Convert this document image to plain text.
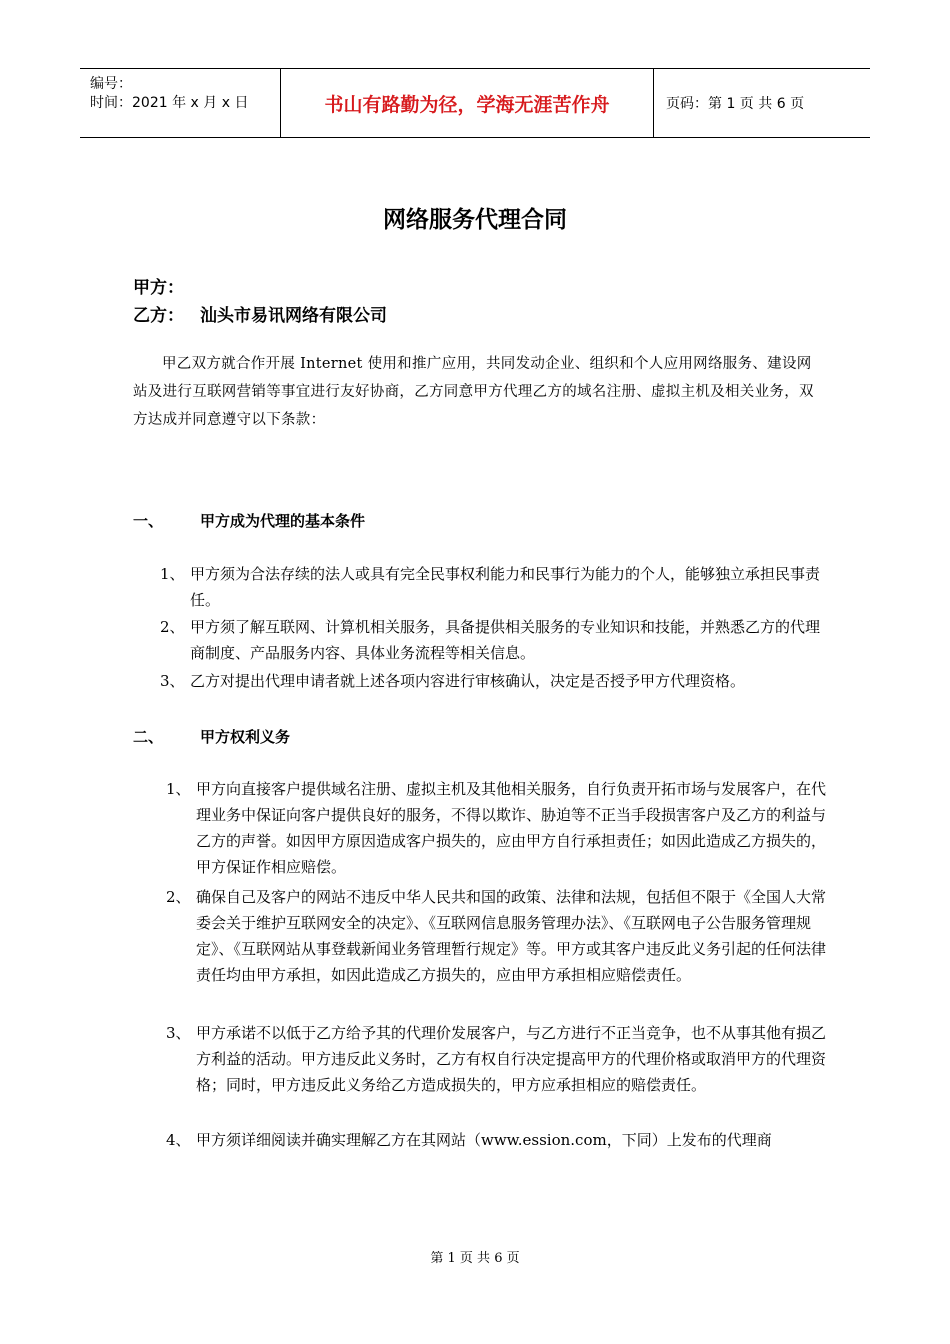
编号：
时间：2021 年 x 月 x 日	书山有路勤为径，学海无涯苦作舟	页码：第 1 页 共 6 页
网络服务代理合同
甲方：
乙方： 汕头市易讯网络有限公司
甲乙双方就合作开展 Internet 使用和推广应用，共同发动企业、组织和个人应用网络服务、建设网站及进行互联网营销等事宜进行友好协商，乙方同意甲方代理乙方的域名注册、虚拟主机及相关业务，双方达成并同意遵守以下条款：
一、 甲方成为代理的基本条件
1、 甲方须为合法存续的法人或具有完全民事权利能力和民事行为能力的个人，能够独立承担民事责任。
2、 甲方须了解互联网、计算机相关服务，具备提供相关服务的专业知识和技能，并熟悉乙方的代理商制度、产品服务内容、具体业务流程等相关信息。
3、 乙方对提出代理申请者就上述各项内容进行审核确认，决定是否授予甲方代理资格。
二、 甲方权利义务
1、 甲方向直接客户提供域名注册、虚拟主机及其他相关服务，自行负责开拓市场与发展客户，在代理业务中保证向客户提供良好的服务，不得以欺诈、胁迫等不正当手段损害客户及乙方的利益与乙方的声誉。如因甲方原因造成客户损失的，应由甲方自行承担责任；如因此造成乙方损失的，甲方保证作相应赔偿。
2、 确保自己及客户的网站不违反中华人民共和国的政策、法律和法规，包括但不限于《全国人大常委会关于维护互联网安全的决定》、《互联网信息服务管理办法》、《互联网电子公告服务管理规定》、《互联网站从事登载新闻业务管理暂行规定》等。甲方或其客户违反此义务引起的任何法律责任均由甲方承担，如因此造成乙方损失的，应由甲方承担相应赔偿责任。
3、 甲方承诺不以低于乙方给予其的代理价发展客户，与乙方进行不正当竞争，也不从事其他有损乙方利益的活动。甲方违反此义务时，乙方有权自行决定提高甲方的代理价格或取消甲方的代理资格；同时，甲方违反此义务给乙方造成损失的，甲方应承担相应的赔偿责任。
4、 甲方须详细阅读并确实理解乙方在其网站（www.ession.com，下同）上发布的代理商
第 1 页 共 6 页
